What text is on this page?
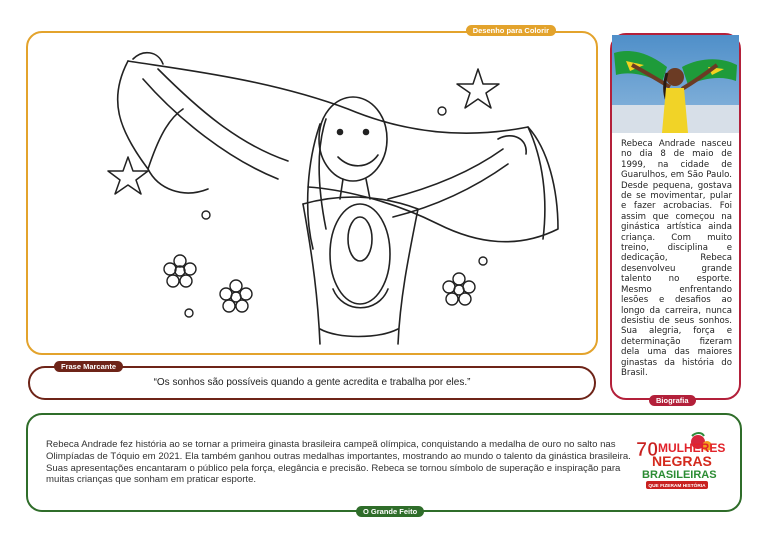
Desenho para Colorir
Rebeca Andrade nasceu no dia 8 de maio de 1999, na cidade de Guarulhos, em São Paulo. Desde pequena, gostava de se movimentar, pular e fazer acrobacias. Foi assim que começou na ginástica artística ainda criança. Com muito treino, disciplina e dedicação, Rebeca desenvolveu grande talento no esporte. Mesmo enfrentando lesões e desafios ao longo da carreira, nunca desistiu de seus sonhos. Sua alegria, força e determinação fizeram dela uma das maiores ginastas da história do Brasil.
Biografia
Frase Marcante
“Os sonhos são possíveis quando a gente acredita e trabalha por eles.”
Rebeca Andrade fez história ao se tornar a primeira ginasta brasileira campeã olímpica, conquistando a medalha de ouro no salto nas Olimpíadas de Tóquio em 2021. Ela também ganhou outras medalhas importantes, mostrando ao mundo o talento da ginástica brasileira. Suas apresentações encantaram o público pela força, elegância e precisão. Rebeca se tornou símbolo de superação e inspiração para muitas crianças que sonham em praticar esporte.
O Grande Feito
70 MULHERES
NEGRAS
BRASILEIRAS
QUE FIZERAM HISTÓRIA
